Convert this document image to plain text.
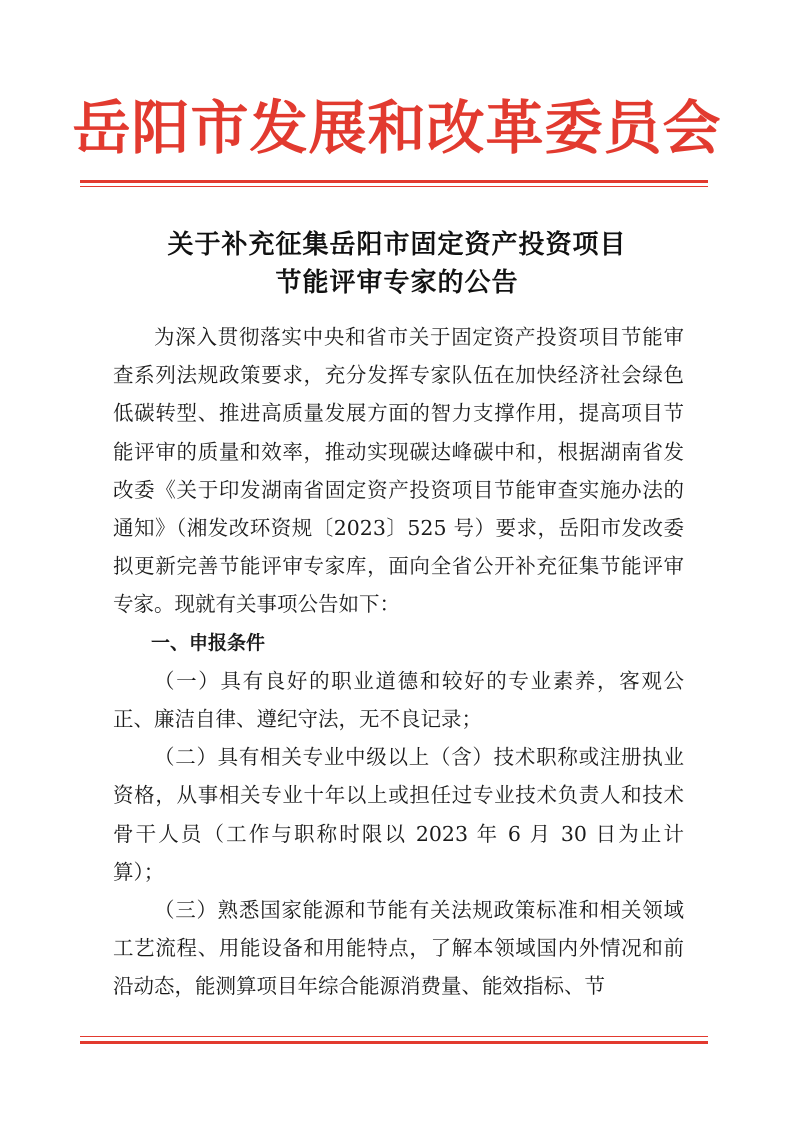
岳阳市发展和改革委员会
关于补充征集岳阳市固定资产投资项目
节能评审专家的公告

为深入贯彻落实中央和省市关于固定资产投资项目节能审查系列法规政策要求，充分发挥专家队伍在加快经济社会绿色低碳转型、推进高质量发展方面的智力支撑作用，提高项目节能评审的质量和效率，推动实现碳达峰碳中和，根据湖南省发改委《关于印发湖南省固定资产投资项目节能审查实施办法的通知》（湘发改环资规〔2023〕525 号）要求，岳阳市发改委拟更新完善节能评审专家库，面向全省公开补充征集节能评审专家。现就有关事项公告如下：

一、申报条件

（一）具有良好的职业道德和较好的专业素养，客观公正、廉洁自律、遵纪守法，无不良记录；

（二）具有相关专业中级以上（含）技术职称或注册执业资格，从事相关专业十年以上或担任过专业技术负责人和技术骨干人员（工作与职称时限以 2023 年 6 月 30 日为止计算）；

（三）熟悉国家能源和节能有关法规政策标准和相关领域工艺流程、用能设备和用能特点，了解本领域国内外情况和前沿动态，能测算项目年综合能源消费量、能效指标、节
